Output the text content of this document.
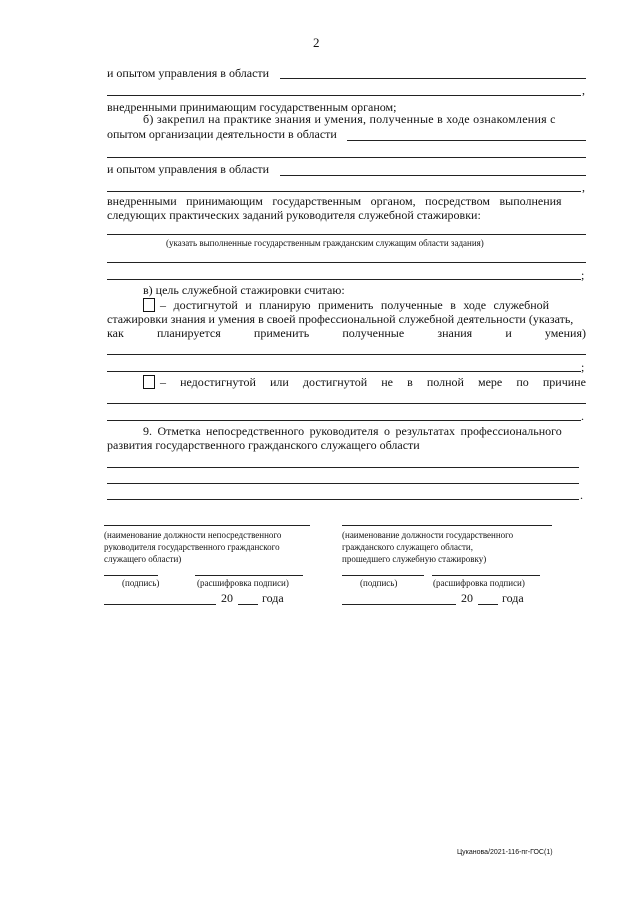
2
и опытом управления в области
,
внедренными принимающим государственным органом;
б) закрепил на практике знания и умения, полученные в ходе ознакомления с
опытом организации деятельности в области
и опытом управления в области
,
внедренными принимающим государственным органом, посредством выполнения
следующих практических заданий руководителя служебной стажировки:
(указать выполненные государственным гражданским служащим области задания)
;
в) цель служебной стажировки считаю:
– достигнутой и планирую применить полученные в ходе служебной
стажировки знания и умения в своей профессиональной служебной деятельности (указать,
как	планируется	применить	полученные	знания	и	умения)
;
– недостигнутой или достигнутой не в полной мере по причине
.
9. Отметка непосредственного руководителя о результатах профессионального
развития государственного гражданского служащего области
.
(наименование должности непосредственного
руководителя государственного гражданского
служащего области)
(подпись)	(расшифровка подписи)
20 года
(наименование должности государственного
гражданского служащего области,
прошедшего служебную стажировку)
(подпись)	(расшифровка подписи)
20 года
Цуканова/2021-116-пг-ГОС(1)
